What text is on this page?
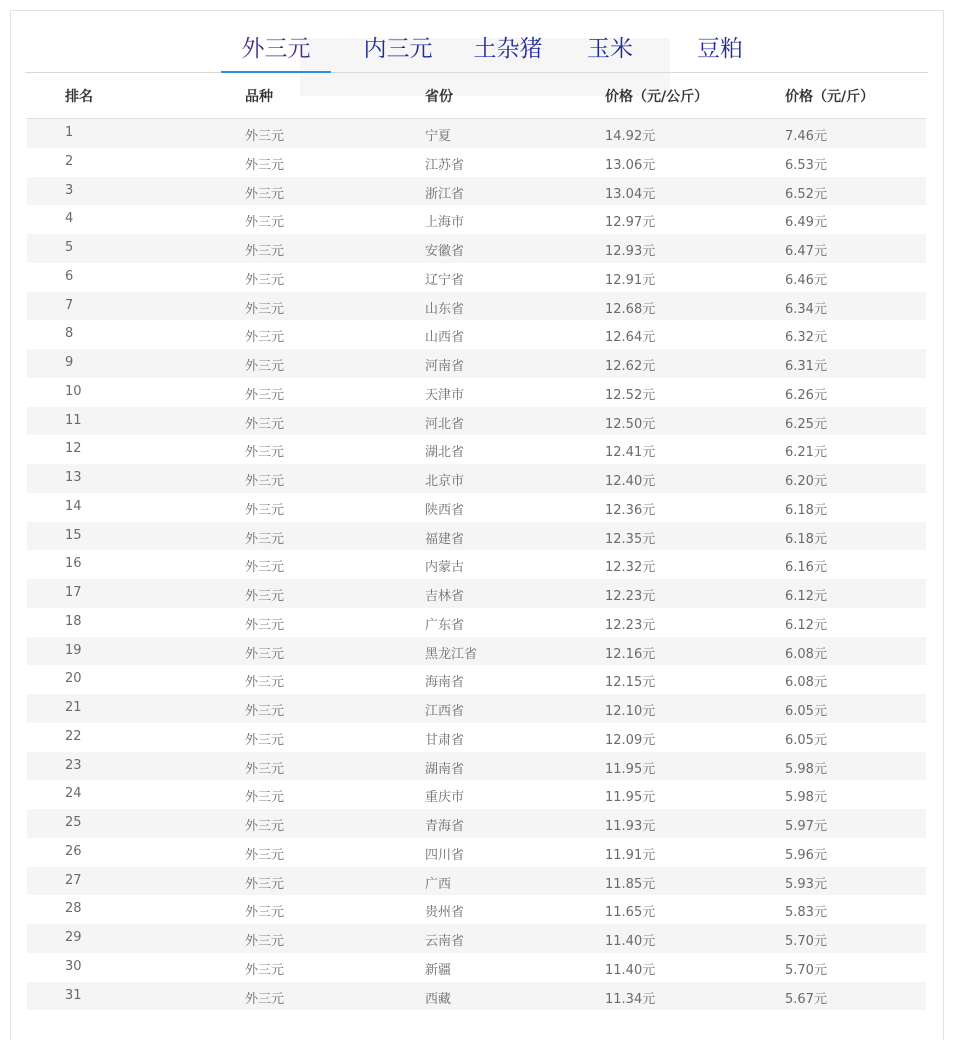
外三元	内三元	土杂猪	玉米	豆粕
排名	品种	省份	价格（元/公斤）	价格（元/斤）
1	外三元	宁夏	14.92元	7.46元
2	外三元	江苏省	13.06元	6.53元
3	外三元	浙江省	13.04元	6.52元
4	外三元	上海市	12.97元	6.49元
5	外三元	安徽省	12.93元	6.47元
6	外三元	辽宁省	12.91元	6.46元
7	外三元	山东省	12.68元	6.34元
8	外三元	山西省	12.64元	6.32元
9	外三元	河南省	12.62元	6.31元
10	外三元	天津市	12.52元	6.26元
11	外三元	河北省	12.50元	6.25元
12	外三元	湖北省	12.41元	6.21元
13	外三元	北京市	12.40元	6.20元
14	外三元	陕西省	12.36元	6.18元
15	外三元	福建省	12.35元	6.18元
16	外三元	内蒙古	12.32元	6.16元
17	外三元	吉林省	12.23元	6.12元
18	外三元	广东省	12.23元	6.12元
19	外三元	黑龙江省	12.16元	6.08元
20	外三元	海南省	12.15元	6.08元
21	外三元	江西省	12.10元	6.05元
22	外三元	甘肃省	12.09元	6.05元
23	外三元	湖南省	11.95元	5.98元
24	外三元	重庆市	11.95元	5.98元
25	外三元	青海省	11.93元	5.97元
26	外三元	四川省	11.91元	5.96元
27	外三元	广西	11.85元	5.93元
28	外三元	贵州省	11.65元	5.83元
29	外三元	云南省	11.40元	5.70元
30	外三元	新疆	11.40元	5.70元
31	外三元	西藏	11.34元	5.67元
